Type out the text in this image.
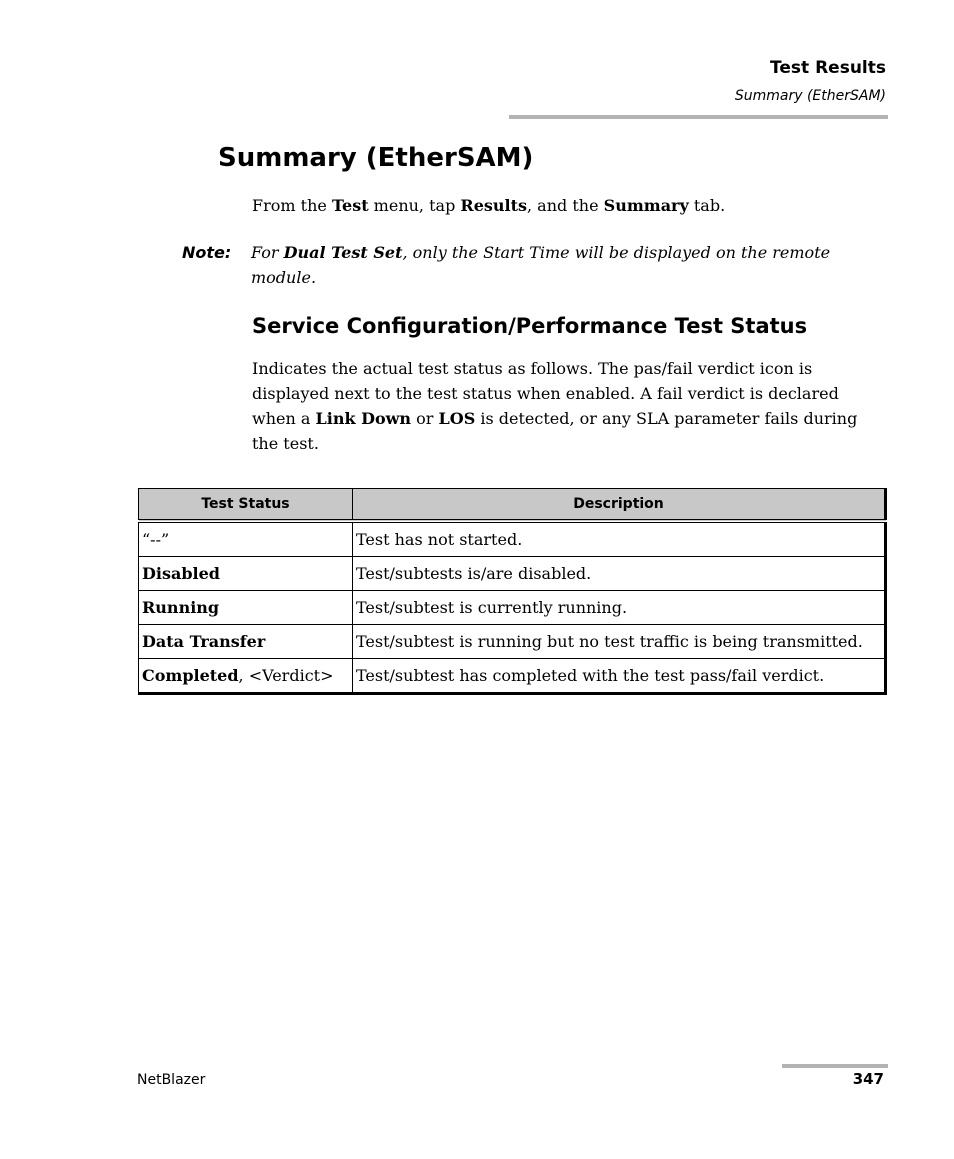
Test Results
Summary (EtherSAM)
Summary (EtherSAM)
From the Test menu, tap Results, and the Summary tab.
Note: For Dual Test Set, only the Start Time will be displayed on the remote module.
Service Configuration/Performance Test Status
Indicates the actual test status as follows. The pas/fail verdict icon is displayed next to the test status when enabled. A fail verdict is declared when a Link Down or LOS is detected, or any SLA parameter fails during the test.
Test Status	Description
“--”	Test has not started.
Disabled	Test/subtests is/are disabled.
Running	Test/subtest is currently running.
Data Transfer	Test/subtest is running but no test traffic is being transmitted.
Completed, <Verdict>	Test/subtest has completed with the test pass/fail verdict.
NetBlazer	347
